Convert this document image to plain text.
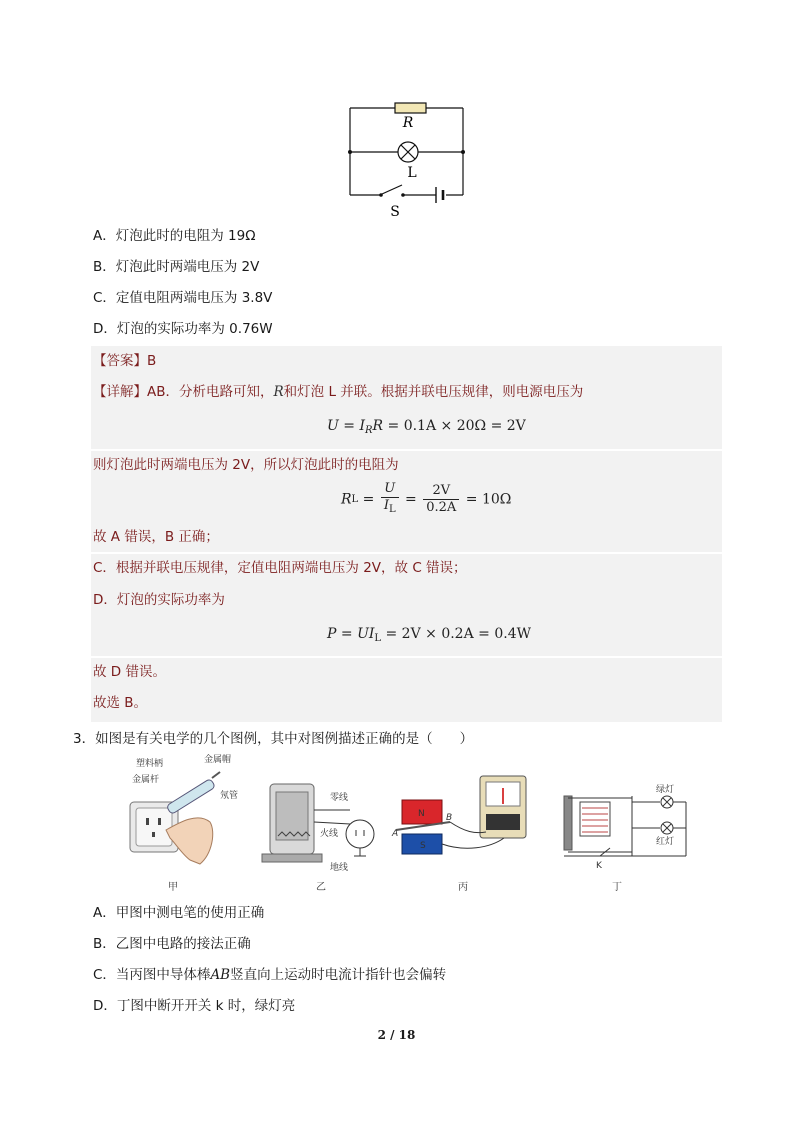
R
L
S
A．灯泡此时的电阻为 19Ω
B．灯泡此时两端电压为 2V
C．定值电阻两端电压为 3.8V
D．灯泡的实际功率为 0.76W
【答案】B
【详解】AB．分析电路可知，R和灯泡 L 并联。根据并联电压规律，则电源电压为
$U = I_RR = 0.1A \times 20\Omega = 2V$
则灯泡此时两端电压为 2V，所以灯泡此时的电阻为
RL = $\frac{U}{I_L} = \frac{2V}{0.2A} = 10\Omega$
故 A 错误，B 正确；
C．根据并联电压规律，定值电阻两端电压为 2V，故 C 错误；
D．灯泡的实际功率为
$P = UI_L = 2V \times 0.2A = 0.4W$
故 D 错误。
故选 B。
3．如图是有关电学的几个图例，其中对图例描述正确的是（　　）
金属帽
塑料柄
金属杆
氖管
甲
零线
火线
地线
乙
N
S
A
B
丙
K
绿灯
红灯
丁
A．甲图中测电笔的使用正确
B．乙图中电路的接法正确
C．当丙图中导体棒AB竖直向上运动时电流计指针也会偏转
D．丁图中断开开关 k 时，绿灯亮
2 / 18
